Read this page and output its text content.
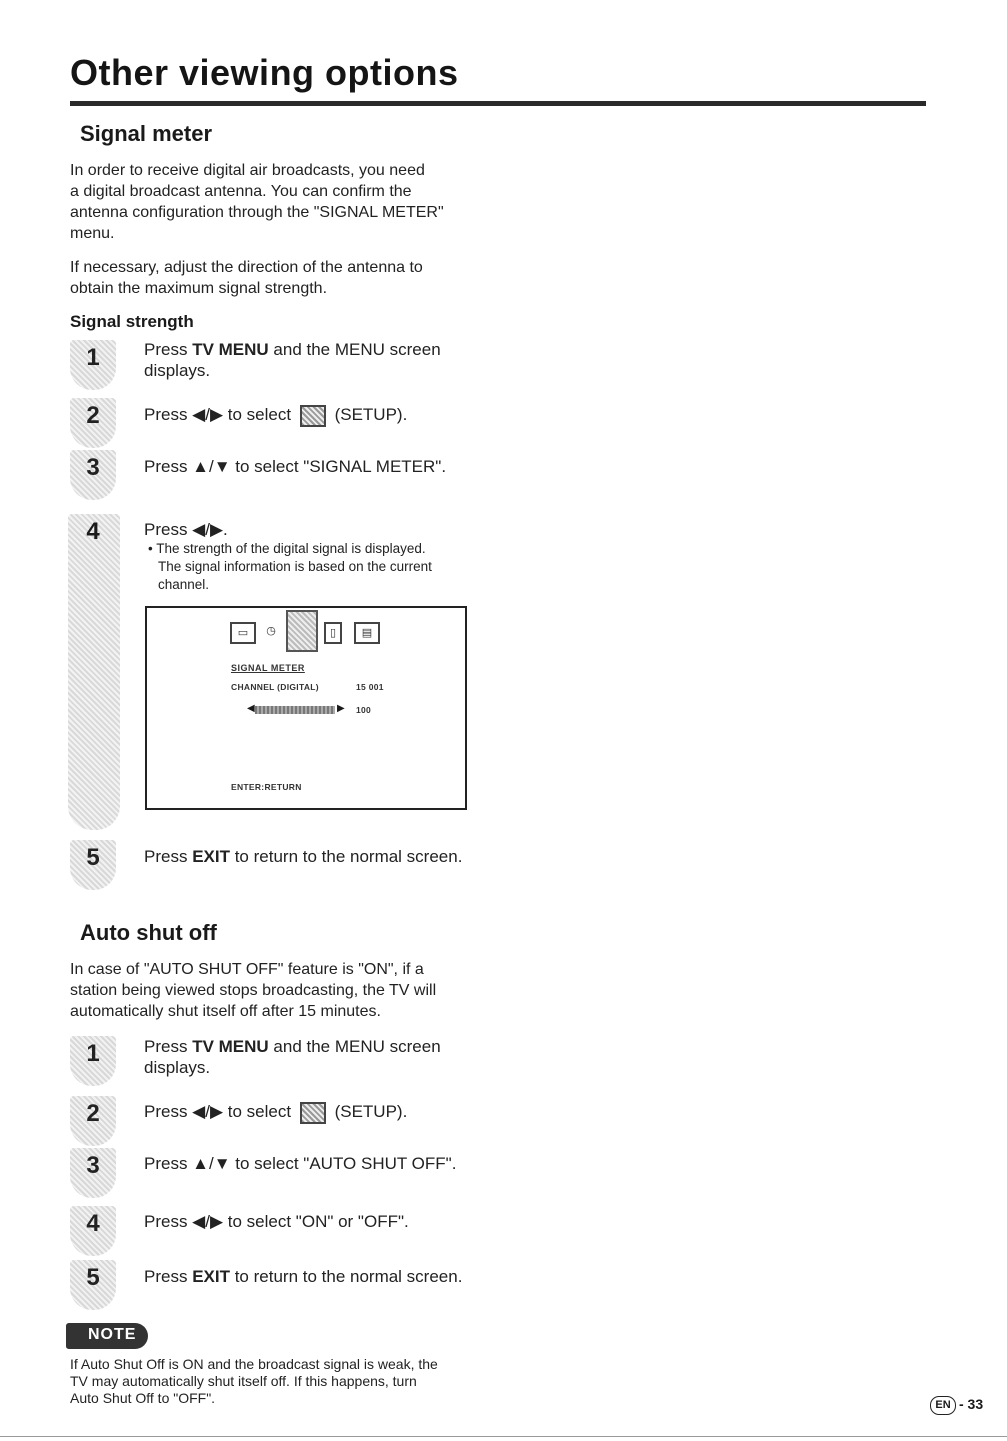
Other viewing options
Signal meter
In order to receive digital air broadcasts, you need
a digital broadcast antenna. You can confirm the
antenna configuration through the "SIGNAL METER"
menu.
If necessary, adjust the direction of the antenna to
obtain the maximum signal strength.
Signal strength
1	Press TV MENU and the MENU screen
displays.
2	Press ◀/▶ to select	(SETUP).
3	Press ▲/▼ to select "SIGNAL METER".
4	Press ◀/▶.
• The strength of the digital signal is displayed.
The signal information is based on the current
channel.
▭	◷	▯	▤
SIGNAL METER
CHANNEL (DIGITAL)	15 001
◀	▶ 100
ENTER:RETURN
5	Press EXIT to return to the normal screen.
Auto shut off
In case of "AUTO SHUT OFF" feature is "ON", if a
station being viewed stops broadcasting, the TV will
automatically shut itself off after 15 minutes.
1	Press TV MENU and the MENU screen
displays.
2	Press ◀/▶ to select	(SETUP).
3	Press ▲/▼ to select "AUTO SHUT OFF".
4	Press ◀/▶ to select "ON" or "OFF".
5	Press EXIT to return to the normal screen.
NOTE
If Auto Shut Off is ON and the broadcast signal is weak, the
TV may automatically shut itself off. If this happens, turn
Auto Shut Off to "OFF".	EN - 33
